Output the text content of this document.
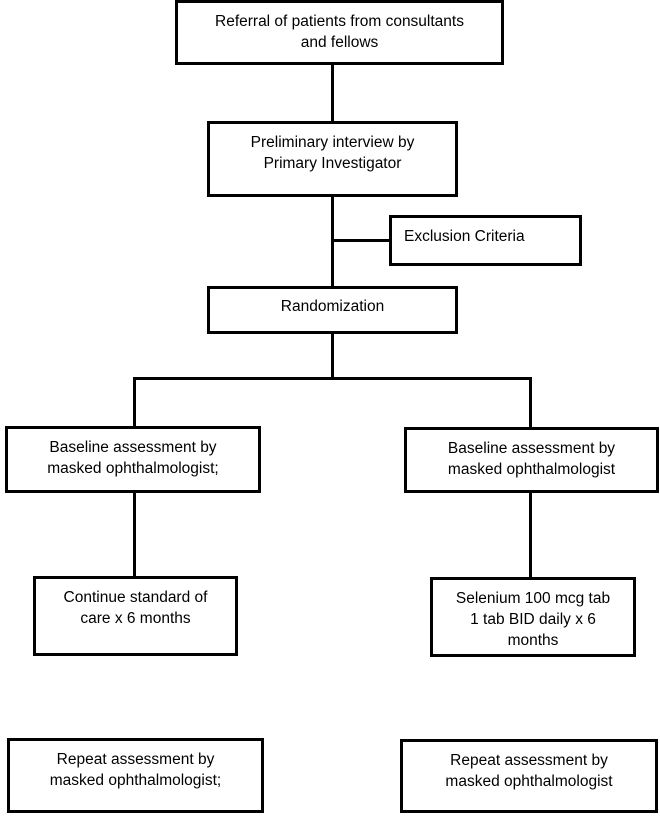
Referral of patients from consultants
and fellows
Preliminary interview by
Primary Investigator
Exclusion Criteria
Randomization
Baseline assessment by
masked ophthalmologist;
Baseline assessment by
masked ophthalmologist
Continue standard of
care x 6 months
Selenium 100 mcg tab
1 tab BID daily x 6
months
Repeat assessment by
masked ophthalmologist;
Repeat assessment by
masked ophthalmologist
